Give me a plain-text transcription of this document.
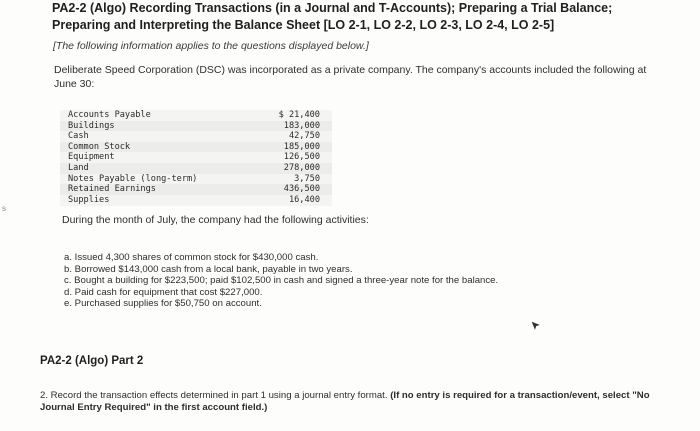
PA2-2 (Algo) Recording Transactions (in a Journal and T-Accounts); Preparing a Trial Balance; Preparing and Interpreting the Balance Sheet [LO 2-1, LO 2-2, LO 2-3, LO 2-4, LO 2-5]
[The following information applies to the questions displayed below.]
Deliberate Speed Corporation (DSC) was incorporated as a private company. The company's accounts included the following at June 30:
Accounts Payable	$ 21,400
Buildings	183,000
Cash	42,750
Common Stock	185,000
Equipment	126,500
Land	278,000
Notes Payable (long-term)	3,750
Retained Earnings	436,500
Supplies	16,400
During the month of July, the company had the following activities:
a. Issued 4,300 shares of common stock for $430,000 cash.
b. Borrowed $143,000 cash from a local bank, payable in two years.
c. Bought a building for $223,500; paid $102,500 in cash and signed a three-year note for the balance.
d. Paid cash for equipment that cost $227,000.
e. Purchased supplies for $50,750 on account.
PA2-2 (Algo) Part 2
2. Record the transaction effects determined in part 1 using a journal entry format. (If no entry is required for a transaction/event, select "No Journal Entry Required" in the first account field.)
s
